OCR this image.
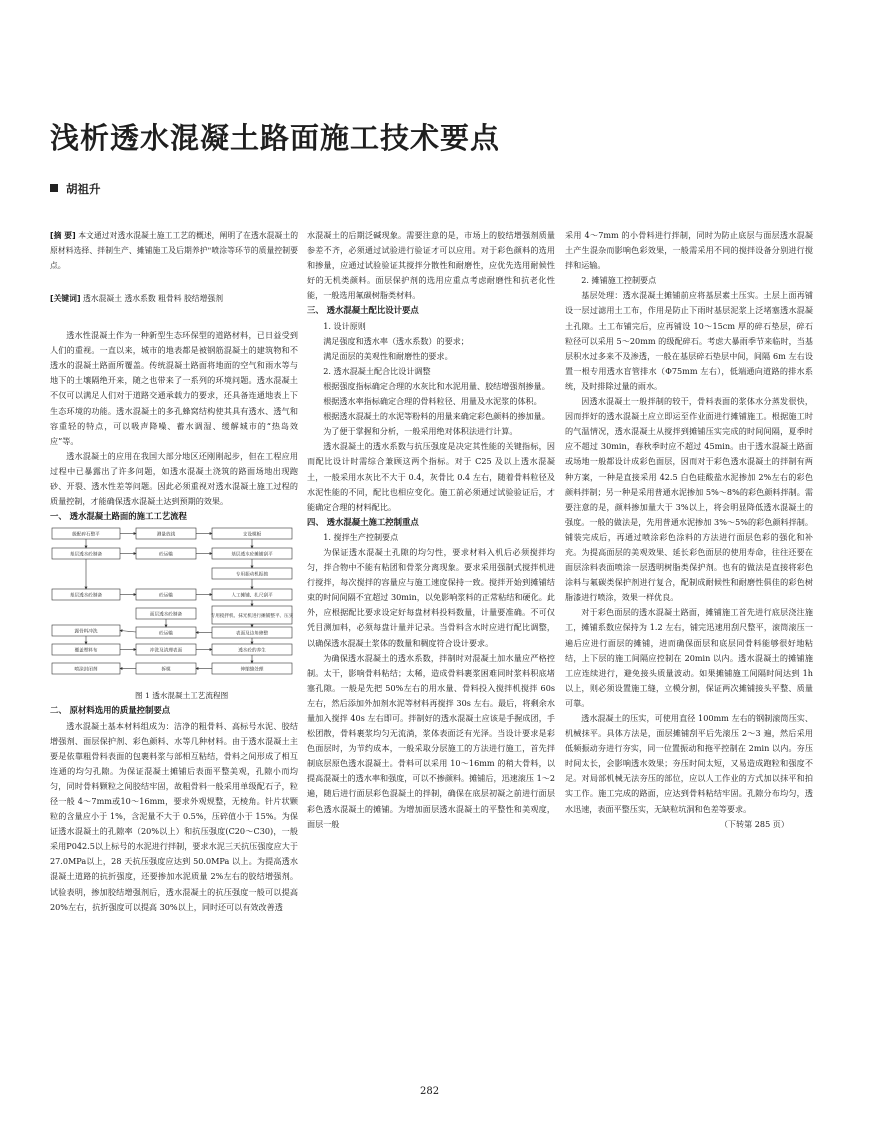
浅析透水混凝土路面施工技术要点
胡祖升

[摘 要] 本文通过对透水混凝土施工工艺的概述，阐明了在透水混凝土的原材料选择、拌制生产、摊铺施工及后期养护"喷涂等环节的质量控制要点。

[关键词] 透水混凝土 透水系数 粗骨料 胶结增强剂

透水性混凝土作为一种新型生态环保型的道路材料，已日益受到人们的重视。一直以来，城市的地表都是被钢筋混凝土的建筑物和不透水的混凝土路面所覆盖。传统混凝土路面将地面的空气和雨水等与地下的土壤隔绝开来，随之也带来了一系列的环境问题。透水混凝土不仅可以满足人们对于道路交通承载力的要求，还具备连通地表上下生态环境的功能。透水混凝土的多孔蜂窝结构使其具有透水、透气和容重轻的特点，可以吸声降噪、蓄水调湿、缓解城市的“热岛效应”等。

透水混凝土的应用在我国大部分地区还刚刚起步，但在工程应用过程中已暴露出了许多问题，如透水混凝土浇筑的路面场地出现跑砂、开裂、透水性差等问题。因此必须重视对透水混凝土施工过程的质量控制，才能确保透水混凝土达到预期的效果。

一、 透水混凝土路面的施工工艺流程
级配碎石整平
基层透水砼制备
基层透水砼制备
测量放线
砼运输
砼运输
露骨料冲洗
面层透水砼制备
砼运输
覆盖塑料布
喷涂封闭剂
支设模板
基层透水砼摊铺刮平
专用振动机振捣
人工摊铺、扎尺刮平
专用搅拌机、抹光机进行摊铺整平、压实
表面及边角修整
透水砼的养生
拆模
冲洗及清理表面
伸缩缝处理

图 1 透水混凝土工艺流程图

二、 原材料选用的质量控制要点

透水混凝土基本材料组成为：洁净的粗骨料、高标号水泥、胶结增强剂、面层保护剂、彩色颜料、水等几种材料。由于透水混凝土主要是依靠粗骨料表面的包裹料浆与部相互粘结，骨料之间形成了相互连通的均匀孔隙。为保证混凝土摊铺后表面平整美观，孔隙小而均匀，同时骨料颗粒之间胶结牢固，故粗骨料一般采用单级配石子，粒径一般 4～7mm或10～16mm，要求外观规整，无棱角。针片状颗粒的含量应小于 1%，含泥量不大于 0.5%，压碎值小于 15%。为保证透水混凝土的孔隙率（20%以上）和抗压强度(C20～C30)，一般采用P042.5以上标号的水泥进行拌制，要求水泥三天抗压强度应大于 27.0MPa以上，28 天抗压强度应达到 50.0MPa 以上。为提高透水混凝土道路的抗折强度，还要掺加水泥质量 2%左右的胶结增强剂。试验表明，掺加胶结增强剂后，透水混凝土的抗压强度一般可以提高 20%左右，抗折强度可以提高 30%以上，同时还可以有效改善透

水混凝土的后期泛碱现象。需要注意的是，市场上的胶结增强剂质量参差不齐，必须通过试验进行验证才可以应用。对于彩色颜料的选用和掺量，应通过试验验证其搅拌分散性和耐磨性，应优先选用耐候性好的无机类颜料。面层保护剂的选用应重点考虑耐磨性和抗老化性能，一般选用氟碳树脂类材料。

三、 透水混凝土配比设计要点

1. 设计原则

满足强度和透水率（透水系数）的要求；

满足面层的美观性和耐磨性的要求。

2. 透水混凝土配合比设计调整

根据强度指标确定合理的水灰比和水泥用量、胶结增强剂掺量。

根据透水率指标确定合理的骨料粒径、用量及水泥浆的体积。

根据透水混凝土的水泥等粉料的用量来确定彩色颜料的掺加量。

为了便于掌握和分析，一般采用绝对体积法进行计算。

透水混凝土的透水系数与抗压强度是决定其性能的关键指标，因而配比设计时需综合兼顾这两个指标。对于 C25 及以上透水混凝土，一般采用水灰比不大于 0.4，灰骨比 0.4 左右，随着骨料粒径及水泥性能的不同，配比也相应变化。施工前必须通过试验验证后，才能确定合理的材料配比。

四、 透水混凝土施工控制重点

1. 搅拌生产控制要点

为保证透水混凝土孔隙的均匀性，要求材料入机后必须搅拌均匀，拌合物中不能有粘团和骨浆分离现象。要求采用强制式搅拌机进行搅拌，每次搅拌的容量应与施工速度保持一致。搅拌开始到摊铺结束的时间间隔不宜超过 30min，以免影响浆料的正常粘结和硬化。此外，应根据配比要求设定好每盘材料投料数量，计量要准确。不可仅凭目测加料，必须每盘计量并记录。当骨料含水时应进行配比调整，以确保透水混凝土浆体的数量和稠度符合设计要求。

为确保透水混凝土的透水系数，拌制时对混凝土加水量应严格控制。太干，影响骨料粘结；太稀，造成骨料裹浆困难同时浆料积底堵塞孔隙。一般是先把 50%左右的用水量、骨料投入搅拌机搅拌 60s 左右，然后添加外加剂水泥等材料再搅拌 30s 左右。最后，将剩余水量加入搅拌 40s 左右即可。拌制好的透水混凝土应该是手握成团，手松团散，骨料裹浆均匀无流淌，浆体表面泛有光泽。当设计要求是彩色面层时，为节约成本，一般采取分层施工的方法进行施工，首先拌制底层原色透水混凝土。骨料可以采用 10～16mm 的稍大骨料，以提高混凝土的透水率和强度，可以不掺颜料。摊铺后，迅速滚压 1～2 遍，随后进行面层彩色混凝土的拌制，确保在底层初凝之前进行面层彩色透水混凝土的摊铺。为增加面层透水混凝土的平整性和美观度，面层一般

采用 4～7mm 的小骨料进行拌制，同时为防止底层与面层透水混凝土产生混杂而影响色彩效果，一般需采用不同的搅拌设备分别进行搅拌和运输。

2. 摊铺施工控制要点

基层处理：透水混凝土摊铺前应将基层素土压实。土层上面再铺设一层过滤用土工布，作用是防止下雨时基层泥浆上泛堵塞透水混凝土孔隙。土工布铺完后，应再铺设 10～15cm 厚的碎石垫层，碎石粒径可以采用 5～20mm 的级配碎石。考虑大暴雨季节来临时，当基层积水过多来不及渗透，一般在基层碎石垫层中间，间隔 6m 左右设置一根专用透水盲管排水（Φ75mm 左右），低端通向道路的排水系统，及时排除过量的雨水。

因透水混凝土一般拌制的较干，骨料表面的浆体水分蒸发很快，因而拌好的透水混凝土应立即运至作业面进行摊铺施工。根据施工时的气温情况，透水混凝土从搅拌到摊铺压实完成的时间间隔，夏季时应不超过 30min，春秋季时应不超过 45min。由于透水混凝土路面或场地一般都设计成彩色面层，因而对于彩色透水混凝土的拌制有两种方案，一种是直接采用 42.5 白色硅酸盐水泥掺加 2%左右的彩色颜料拌制；另一种是采用普通水泥掺加 5%～8%的彩色颜料拌制。需要注意的是，颜料掺加量大于 3%以上，将会明显降低透水混凝土的强度。一般的做法是，先用普通水泥掺加 3%～5%的彩色颜料拌制。铺装完成后，再通过喷涂彩色涂料的方法进行面层色彩的强化和补充。为提高面层的美观效果、延长彩色面层的使用寿命，往往还要在面层涂料表面喷涂一层透明树脂类保护剂。也有的做法是直接将彩色涂料与氟碳类保护剂进行复合，配制成耐候性和耐磨性俱佳的彩色树脂漆进行喷涂，效果一样优良。

对于彩色面层的透水混凝土路面，摊铺施工首先进行底层浇注施工，摊铺系数应保持为 1.2 左右，铺完迅速用刮尺整平，滚筒滚压一遍后应进行面层的摊铺，进而确保面层和底层同骨料能够很好地粘结，上下层的施工间隔应控制在 20min 以内。透水混凝土的摊铺施工应连续进行，避免接头质量波动。如果摊铺施工间隔时间达到 1h 以上，则必须设置施工缝，立模分割，保证两次摊铺接头平整、质量可靠。

透水混凝土的压实，可使用直径 100mm 左右的钢制滚筒压实、机械抹平。具体方法是，面层摊铺刮平后先滚压 2～3 遍，然后采用低频振动夯进行夯实，同一位置振动和拖平控制在 2min 以内。夯压时间太长，会影响透水效果；夯压时间太短，又易造成跑粒和强度不足。对局部机械无法夯压的部位，应以人工作业的方式加以抹平和拍实工作。施工完成的路面，应达到骨料粘结牢固。孔隙分布均匀，透水迅速，表面平整压实，无缺粒坑洞和色差等要求。

（下转第 285 页）

282
